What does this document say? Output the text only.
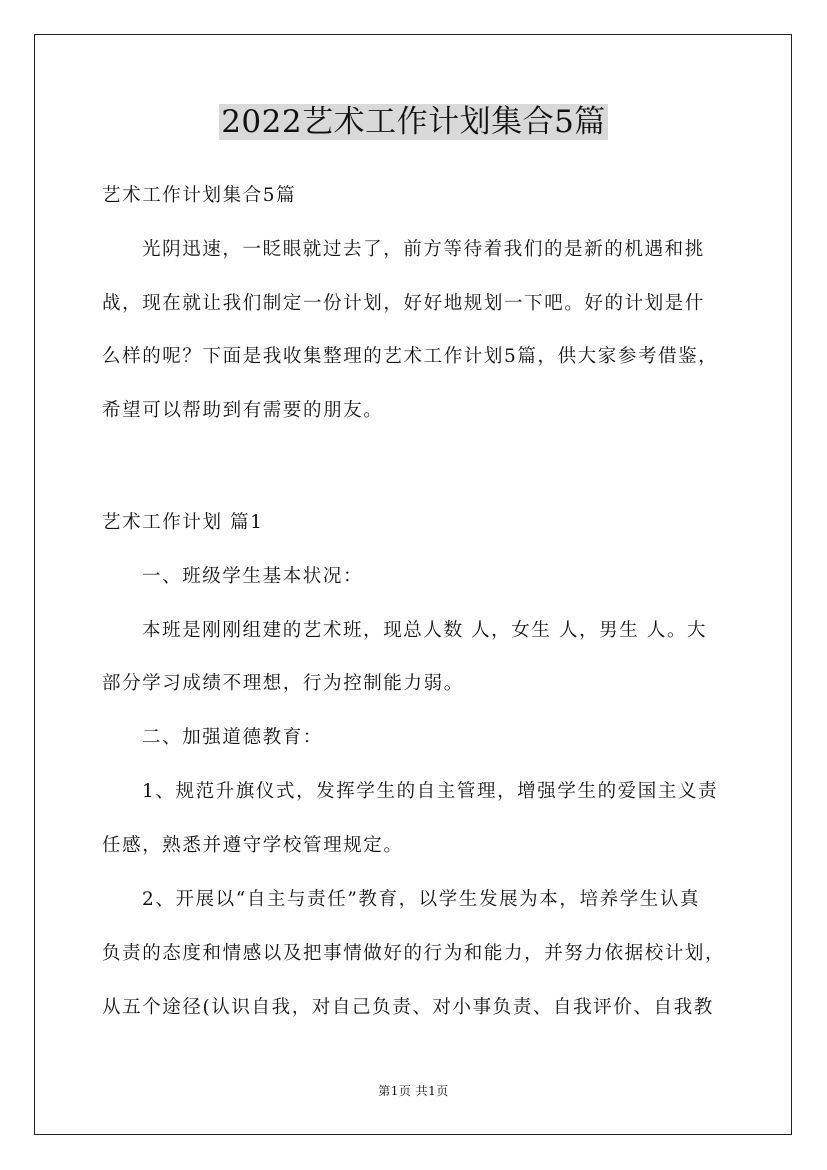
2022艺术工作计划集合5篇
艺术工作计划集合5篇
光阴迅速，一眨眼就过去了，前方等待着我们的是新的机遇和挑
战，现在就让我们制定一份计划，好好地规划一下吧。好的计划是什
么样的呢？下面是我收集整理的艺术工作计划5篇，供大家参考借鉴，
希望可以帮助到有需要的朋友。
艺术工作计划 篇1
一、班级学生基本状况：
本班是刚刚组建的艺术班，现总人数 人，女生 人，男生 人。大
部分学习成绩不理想，行为控制能力弱。
二、加强道德教育：
1、规范升旗仪式，发挥学生的自主管理，增强学生的爱国主义责
任感，熟悉并遵守学校管理规定。
2、开展以“自主与责任”教育，以学生发展为本，培养学生认真
负责的态度和情感以及把事情做好的行为和能力，并努力依据校计划，
从五个途径(认识自我，对自己负责、对小事负责、自我评价、自我教
第1页 共1页
